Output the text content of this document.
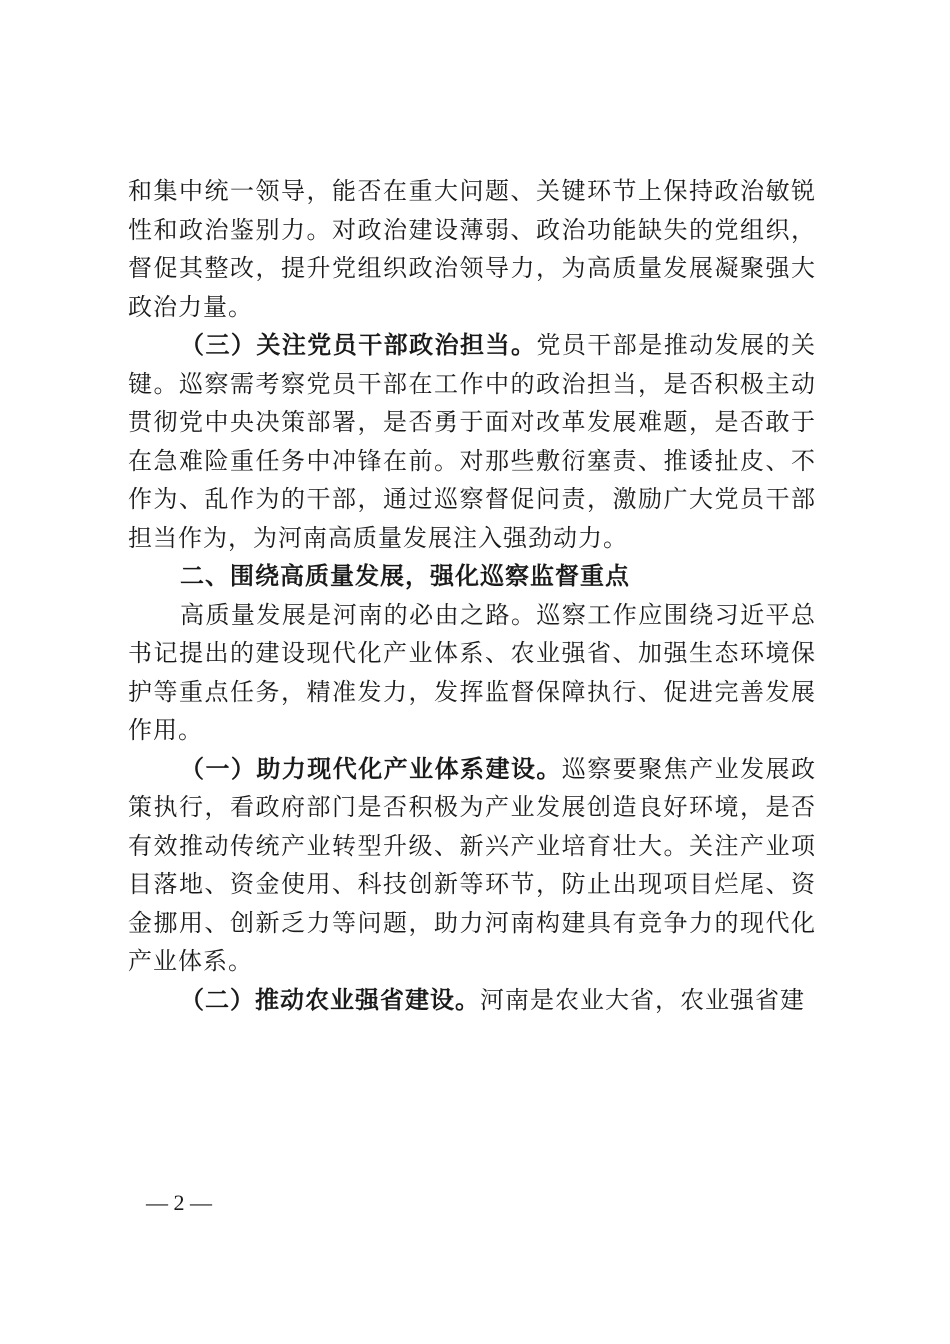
和集中统一领导，能否在重大问题、关键环节上保持政治敏锐性和政治鉴别力。对政治建设薄弱、政治功能缺失的党组织，督促其整改，提升党组织政治领导力，为高质量发展凝聚强大政治力量。

（三）关注党员干部政治担当。党员干部是推动发展的关键。巡察需考察党员干部在工作中的政治担当，是否积极主动贯彻党中央决策部署，是否勇于面对改革发展难题，是否敢于在急难险重任务中冲锋在前。对那些敷衍塞责、推诿扯皮、不作为、乱作为的干部，通过巡察督促问责，激励广大党员干部担当作为，为河南高质量发展注入强劲动力。

二、围绕高质量发展，强化巡察监督重点

高质量发展是河南的必由之路。巡察工作应围绕习近平总书记提出的建设现代化产业体系、农业强省、加强生态环境保护等重点任务，精准发力，发挥监督保障执行、促进完善发展作用。

（一）助力现代化产业体系建设。巡察要聚焦产业发展政策执行，看政府部门是否积极为产业发展创造良好环境，是否有效推动传统产业转型升级、新兴产业培育壮大。关注产业项目落地、资金使用、科技创新等环节，防止出现项目烂尾、资金挪用、创新乏力等问题，助力河南构建具有竞争力的现代化产业体系。

（二）推动农业强省建设。河南是农业大省，农业强省建

— 2 —
